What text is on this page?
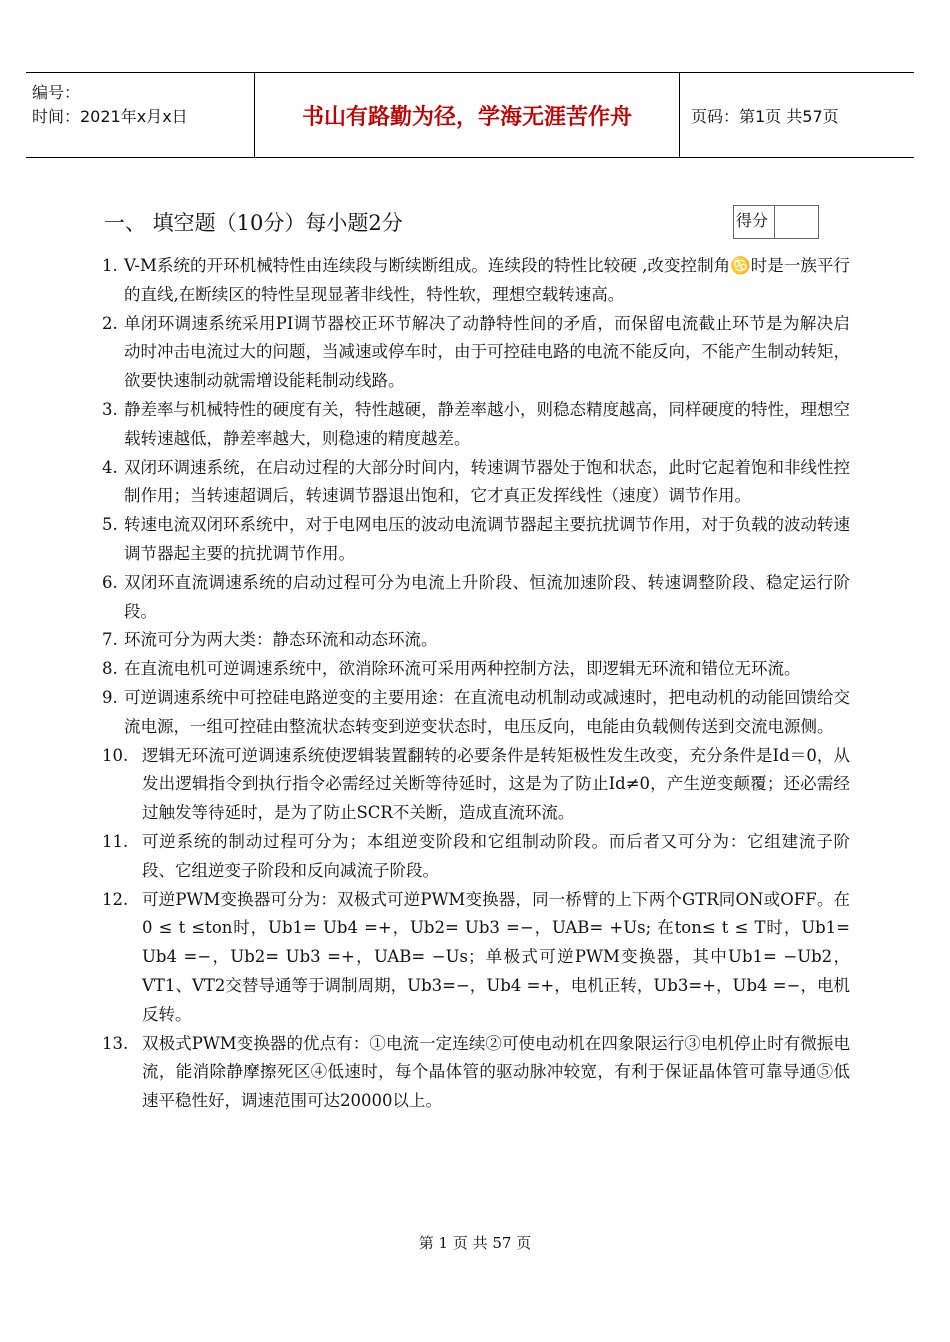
编号：
时间：2021年x月x日	书山有路勤为径，学海无涯苦作舟	页码：第1页 共57页
一、 填空题（10分）每小题2分	得分
1. V-M系统的开环机械特性由连续段与断续断组成。连续段的特性比较硬 ,改变控制角♋时是一族平行的直线,在断续区的特性呈现显著非线性，特性软，理想空载转速高。
2. 单闭环调速系统采用PI调节器校正环节解决了动静特性间的矛盾，而保留电流截止环节是为解决启动时冲击电流过大的问题，当减速或停车时，由于可控硅电路的电流不能反向，不能产生制动转矩，欲要快速制动就需增设能耗制动线路。
3. 静差率与机械特性的硬度有关，特性越硬，静差率越小，则稳态精度越高，同样硬度的特性，理想空载转速越低，静差率越大，则稳速的精度越差。
4. 双闭环调速系统，在启动过程的大部分时间内，转速调节器处于饱和状态，此时它起着饱和非线性控制作用；当转速超调后，转速调节器退出饱和，它才真正发挥线性（速度）调节作用。
5. 转速电流双闭环系统中，对于电网电压的波动电流调节器起主要抗扰调节作用，对于负载的波动转速调节器起主要的抗扰调节作用。
6. 双闭环直流调速系统的启动过程可分为电流上升阶段、恒流加速阶段、转速调整阶段、稳定运行阶段。
7. 环流可分为两大类：静态环流和动态环流。
8. 在直流电机可逆调速系统中，欲消除环流可采用两种控制方法，即逻辑无环流和错位无环流。
9. 可逆调速系统中可控硅电路逆变的主要用途：在直流电动机制动或减速时，把电动机的动能回馈给交流电源，一组可控硅由整流状态转变到逆变状态时，电压反向，电能由负载侧传送到交流电源侧。
10. 逻辑无环流可逆调速系统使逻辑装置翻转的必要条件是转矩极性发生改变，充分条件是Id＝0，从发出逻辑指令到执行指令必需经过关断等待延时，这是为了防止Id≠0，产生逆变颠覆；还必需经过触发等待延时，是为了防止SCR不关断，造成直流环流。
11. 可逆系统的制动过程可分为；本组逆变阶段和它组制动阶段。而后者又可分为：它组建流子阶段、它组逆变子阶段和反向减流子阶段。
12. 可逆PWM变换器可分为：双极式可逆PWM变换器，同一桥臂的上下两个GTR同ON或OFF。在0 ≤ t ≤ton时，Ub1= Ub4 =+，Ub2= Ub3 =−，UAB= +Us; 在ton≤ t ≤ T时，Ub1= Ub4 =−，Ub2= Ub3 =+，UAB= −Us；单极式可逆PWM变换器，其中Ub1= −Ub2，VT1、VT2交替导通等于调制周期，Ub3=−，Ub4 =+，电机正转，Ub3=+，Ub4 =−，电机反转。
13. 双极式PWM变换器的优点有：①电流一定连续②可使电动机在四象限运行③电机停止时有微振电流，能消除静摩擦死区④低速时，每个晶体管的驱动脉冲较宽，有利于保证晶体管可靠导通⑤低速平稳性好，调速范围可达20000以上。
第 1 页 共 57 页
